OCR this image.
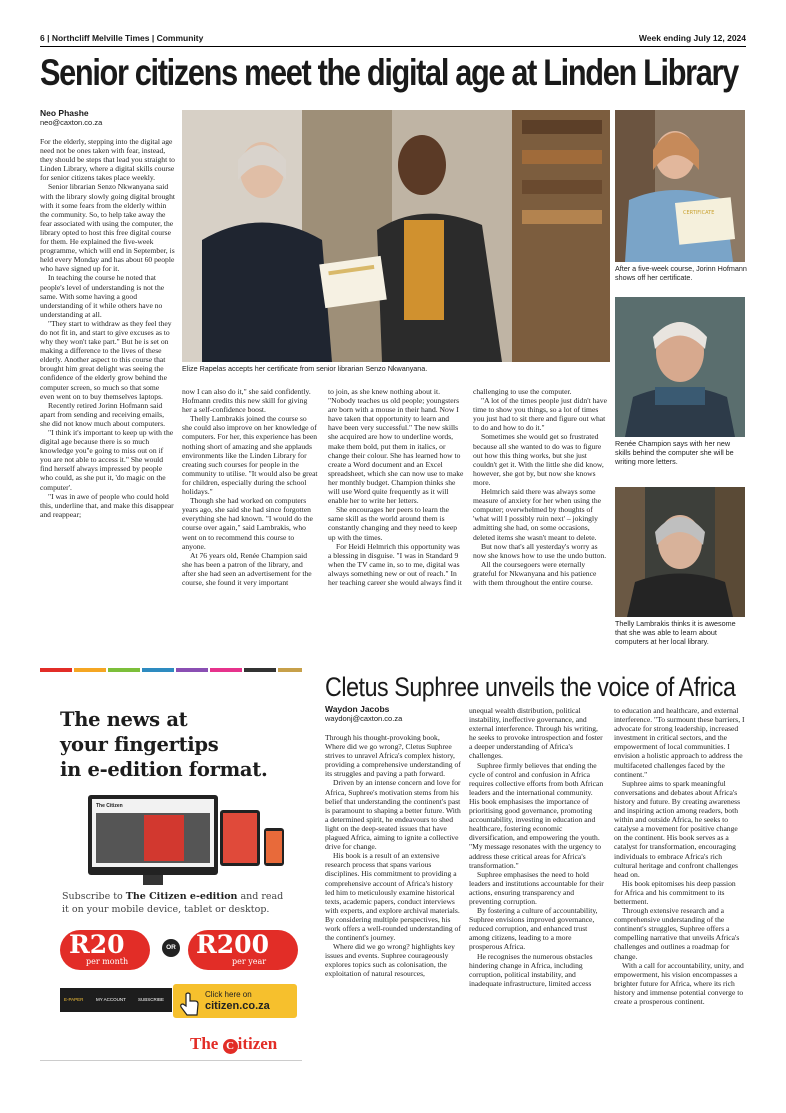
6 | Northcliff Melville Times | Community	Week ending July 12, 2024
Senior citizens meet the digital age at Linden Library
Neo Phashe
neo@caxton.co.za

For the elderly, stepping into the digital age need not be ones taken with fear, instead, they should be steps that lead you straight to Linden Library, where a digital skills course for senior citizens takes place weekly.

Senior librarian Senzo Nkwanyana said with the library slowly going digital brought with it some fears from the elderly within the community. So, to help take away the fear associated with using the computer, the library opted to host this free digital course for them. He explained the five-week programme, which will end in September, is held every Monday and has about 60 people who have signed up for it.

In teaching the course he noted that people's level of understanding is not the same. With some having a good understanding of it while others have no understanding at all.

"They start to withdraw as they feel they do not fit in, and start to give excuses as to why they won't take part." But he is set on making a difference to the lives of these elderly. Another aspect to this course that brought him great delight was seeing the confidence of the elderly grow behind the computer screen, so much so that some even went on to buy themselves laptops.

Recently retired Jorinn Hofmann said apart from sending and receiving emails, she did not know much about computers.

"I think it's important to keep up with the digital age because there is so much knowledge you''e going to miss out on if you are not able to access it." She would find herself always impressed by people who could, as she put it, 'do magic on the computer'.

"I was in awe of people who could hold this, underline that, and make this disappear and reappear;

Elize Rapelas accepts her certificate from senior librarian Senzo Nkwanyana.
CERTIFICATE
After a five-week course, Jorinn Hofmann shows off her certificate.
Renée Champion says with her new skills behind the computer she will be writing more letters.
Thelly Lambrakis thinks it is awesome that she was able to learn about computers at her local library.

now I can also do it," she said confidently. Hofmann credits this new skill for giving her a self-confidence boost.

Thelly Lambrakis joined the course so she could also improve on her knowledge of computers. For her, this experience has been nothing short of amazing and she applauds environments like the Linden Library for creating such courses for people in the community to utilise. "It would also be great for children, especially during the school holidays."

Though she had worked on computers years ago, she said she had since forgotten everything she had known. "I would do the course over again," said Lambrakis, who went on to recommend this course to anyone.

At 76 years old, Renée Champion said she has been a patron of the library, and after she had seen an advertisement for the course, she found it very important

to join, as she knew nothing about it. "Nobody teaches us old people; youngsters are born with a mouse in their hand. Now I have taken that opportunity to learn and have been very successful." The new skills she acquired are how to underline words, make them bold, put them in italics, or change their colour. She has learned how to create a Word document and an Excel spreadsheet, which she can now use to make her monthly budget. Champion thinks she will use Word quite frequently as it will enable her to write her letters.

She encourages her peers to learn the same skill as the world around them is constantly changing and they need to keep up with the times.

For Heidi Helmrich this opportunity was a blessing in disguise. "I was in Standard 9 when the TV came in, so to me, digital was always something new or out of reach." In her teaching career she would always find it

challenging to use the computer.

"A lot of the times people just didn't have time to show you things, so a lot of times you just had to sit there and figure out what to do and how to do it."

Sometimes she would get so frustrated because all she wanted to do was to figure out how this thing works, but she just couldn't get it. With the little she did know, however, she got by, but now she knows more.

Helmrich said there was always some measure of anxiety for her when using the computer; overwhelmed by thoughts of 'what will I possibly ruin next' – jokingly admitting she had, on some occasions, deleted items she wasn't meant to delete.

But now that's all yesterday's worry as now she knows how to use the undo button.

All the coursegoers were eternally grateful for Nkwanyana and his patience with them throughout the entire course.

The news at
your fingertips
in e-edition format.
The Citizen
Subscribe to The Citizen e-edition and read it on your mobile device, tablet or desktop.
R20
per month
OR R200
per year
E-PAPER	MY ACCOUNT	SUBSCRIBE
Click here on
citizen.co.za
The C itizen
Cletus Suphree unveils the voice of Africa
Waydon Jacobs
waydonj@caxton.co.za

Through his thought-provoking book, Where did we go wrong?, Cletus Suphree strives to unravel Africa's complex history, providing a comprehensive understanding of its struggles and paving a path forward.

Driven by an intense concern and love for Africa, Suphree's motivation stems from his belief that understanding the continent's past is paramount to shaping a better future. With a determined spirit, he endeavours to shed light on the deep-seated issues that have plagued Africa, aiming to ignite a collective drive for change.

His book is a result of an extensive research process that spans various disciplines. His commitment to providing a comprehensive account of Africa's history led him to meticulously examine historical texts, academic papers, conduct interviews with experts, and explore archival materials. By considering multiple perspectives, his work offers a well-rounded understanding of the continent's journey.

Where did we go wrong? highlights key issues and events. Suphree courageously explores topics such as colonisation, the exploitation of natural resources,

unequal wealth distribution, political instability, ineffective governance, and external interference. Through his writing, he seeks to provoke introspection and foster a deeper understanding of Africa's challenges.

Suphree firmly believes that ending the cycle of control and confusion in Africa requires collective efforts from both African leaders and the international community. His book emphasises the importance of prioritising good governance, promoting accountability, investing in education and healthcare, fostering economic diversification, and empowering the youth. "My message resonates with the urgency to address these critical areas for Africa's transformation."

Suphree emphasises the need to hold leaders and institutions accountable for their actions, ensuring transparency and preventing corruption.

By fostering a culture of accountability, Suphree envisions improved governance, reduced corruption, and enhanced trust among citizens, leading to a more prosperous Africa.

He recognises the numerous obstacles hindering change in Africa, including corruption, political instability, and inadequate infrastructure, limited access

to education and healthcare, and external interference. "To surmount these barriers, I advocate for strong leadership, increased investment in critical sectors, and the empowerment of local communities. I envision a holistic approach to address the multifaceted challenges faced by the continent."

Suphree aims to spark meaningful conversations and debates about Africa's history and future. By creating awareness and inspiring action among readers, both within and outside Africa, he seeks to catalyse a movement for positive change on the continent. His book serves as a catalyst for transformation, encouraging individuals to embrace Africa's rich cultural heritage and confront challenges head on.

His book epitomises his deep passion for Africa and his commitment to its betterment.

Through extensive research and a comprehensive understanding of the continent's struggles, Suphree offers a compelling narrative that unveils Africa's challenges and outlines a roadmap for change.

With a call for accountability, unity, and empowerment, his vision encompasses a brighter future for Africa, where its rich history and immense potential converge to create a prosperous continent.
